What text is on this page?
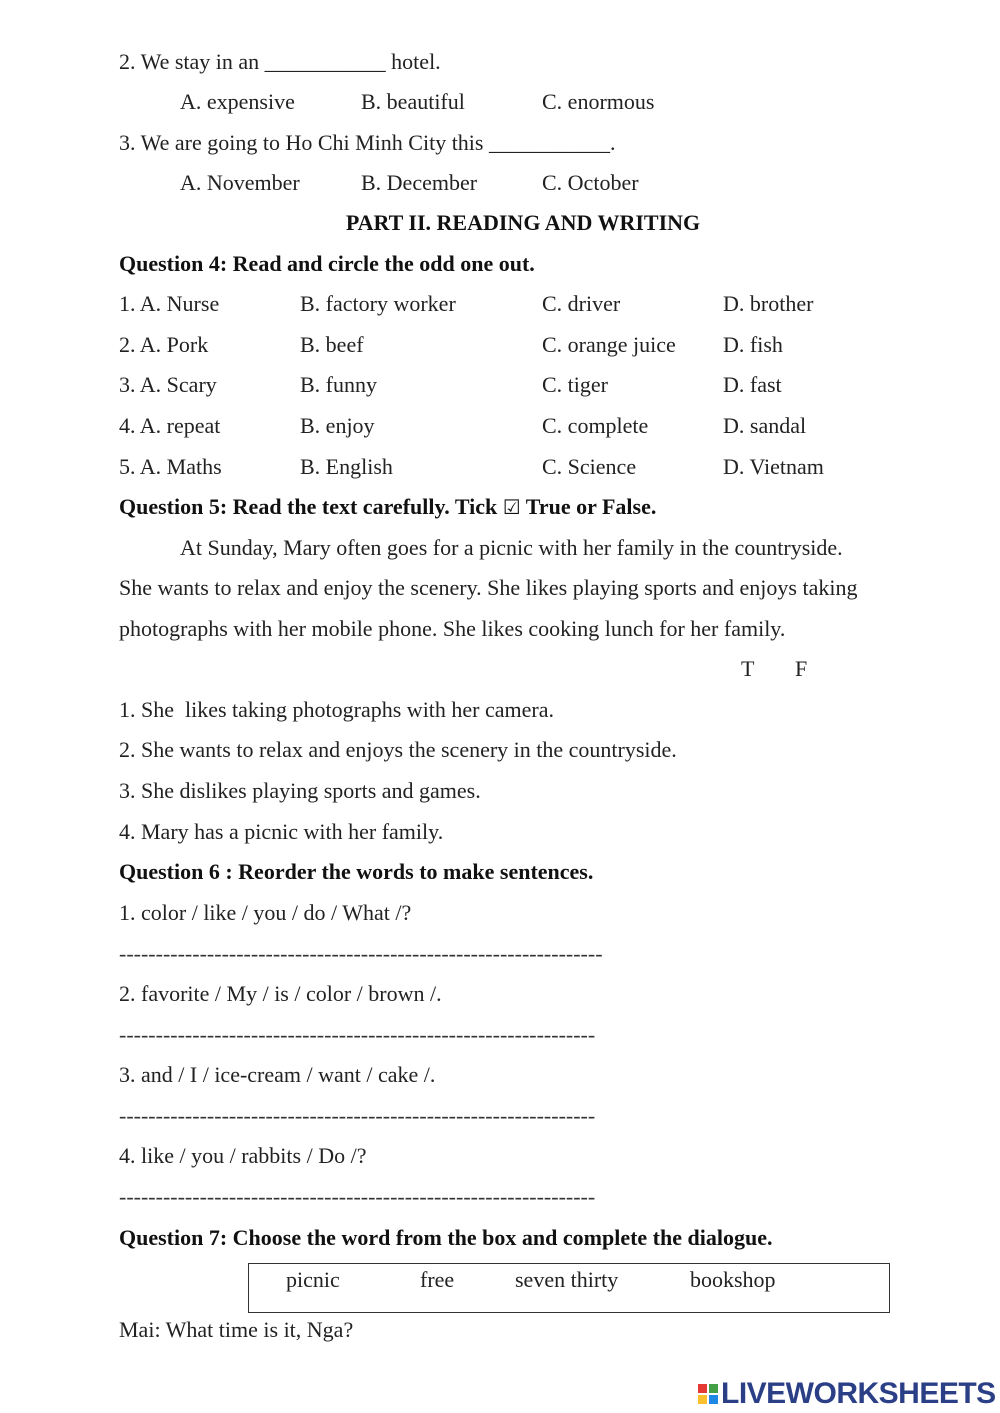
2. We stay in an ___________ hotel.
A. expensive	B. beautiful	C. enormous
3. We are going to Ho Chi Minh City this ___________.
A. November	B. December	C. October
PART II. READING AND WRITING
Question 4: Read and circle the odd one out.
1. A. Nurse	B. factory worker	C. driver	D. brother
2. A. Pork	B. beef	C. orange juice D. fish
3. A. Scary	B. funny	C. tiger	D. fast
4. A. repeat	B. enjoy	C. complete	D. sandal
5. A. Maths	B. English	C. Science	D. Vietnam
Question 5: Read the text carefully. Tick ☑ True or False.
At Sunday, Mary often goes for a picnic with her family in the countryside.
She wants to relax and enjoy the scenery. She likes playing sports and enjoys taking
photographs with her mobile phone. She likes cooking lunch for her family.
T F
1. She  likes taking photographs with her camera.
2. She wants to relax and enjoys the scenery in the countryside.
3. She dislikes playing sports and games.
4. Mary has a picnic with her family.
Question 6 : Reorder the words to make sentences.
1. color / like / you / do / What /?
------------------------------------------------------------------
2. favorite / My / is / color / brown /.
-----------------------------------------------------------------
3. and / I / ice-cream / want / cake /.
-----------------------------------------------------------------
4. like / you / rabbits / Do /?
-----------------------------------------------------------------
Question 7: Choose the word from the box and complete the dialogue.
picnic	free	seven thirty	bookshop
Mai: What time is it, Nga?
LIVEWORKSHEETS
